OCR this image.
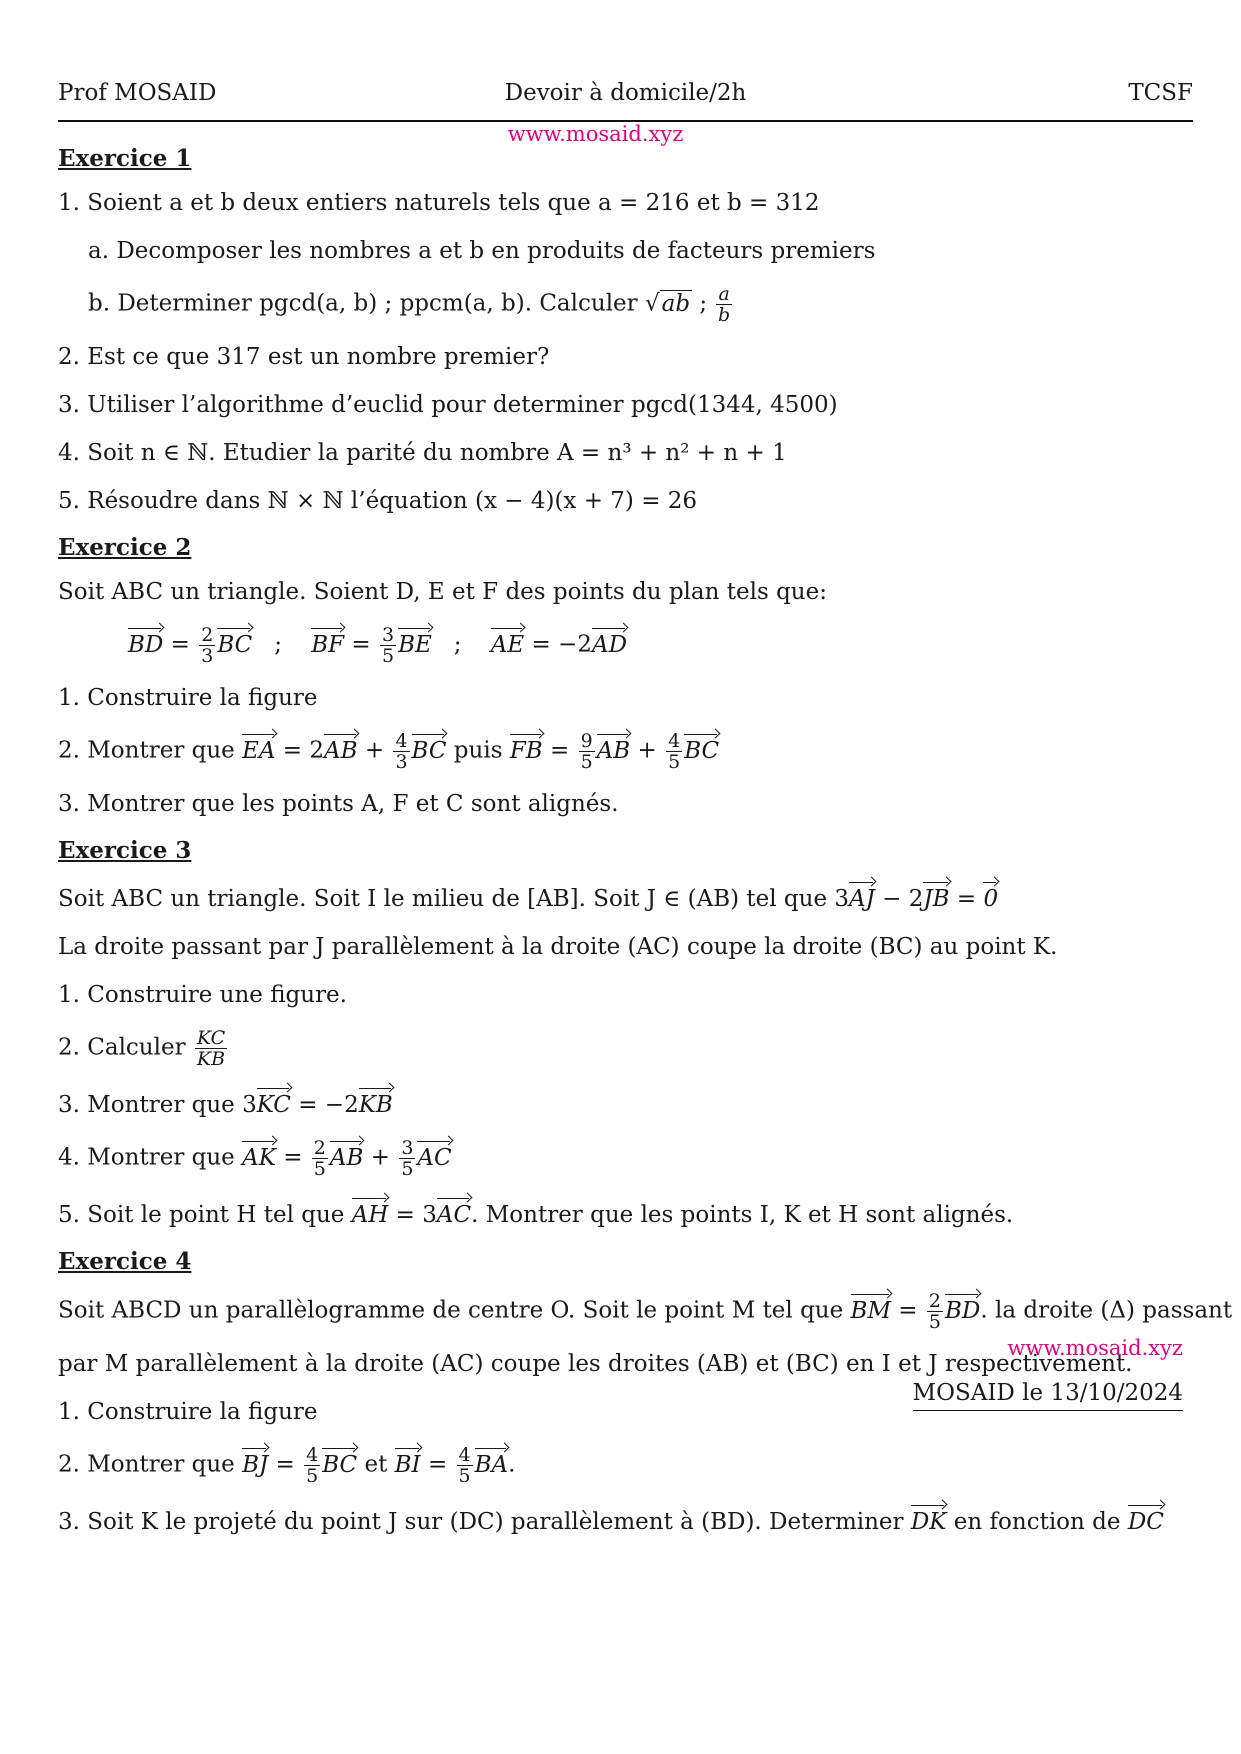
Prof MOSAID	Devoir à domicile/2h	TCSF
www.mosaid.xyz
Exercice 1
1. Soient a et b deux entiers naturels tels que a = 216 et b = 312
a. Decomposer les nombres a et b en produits de facteurs premiers
b. Determiner pgcd(a, b) ; ppcm(a, b). Calculer √ab ; $\frac{a}{b}$
2. Est ce que 317 est un nombre premier?
3. Utiliser l’algorithme d’euclid pour determiner pgcd(1344, 4500)
4. Soit n ∈ ℕ. Etudier la parité du nombre A = n³ + n² + n + 1
5. Résoudre dans ℕ × ℕ l’équation (x − 4)(x + 7) = 26
Exercice 2
Soit ABC un triangle. Soient D, E et F des points du plan tels que:
BD = $\frac{2}{3}$ BC   ;    BF = $\frac{3}{5}$ BE   ;    AE = −2AD
1. Construire la figure
2. Montrer que EA = $2AB + \frac{4}{3}$ BC puis FB = $\frac{9}{5}$ AB + $\frac{4}{5}$ BC
3. Montrer que les points A, F et C sont alignés.
Exercice 3
Soit ABC un triangle. Soit I le milieu de [AB]. Soit J ∈ (AB) tel que 3AJ − 2JB = 0
La droite passant par J parallèlement à la droite (AC) coupe la droite (BC) au point K.
1. Construire une figure.
2. Calculer $\frac{KC}{KB}$
3. Montrer que 3KC = −2KB
4. Montrer que AK = $\frac{2}{5}$ AB + $\frac{3}{5}$ AC
5. Soit le point H tel que AH = 3AC. Montrer que les points I, K et H sont alignés.
Exercice 4
Soit ABCD un parallèlogramme de centre O. Soit le point M tel que BM = $\frac{2}{5}$ BD. la droite (Δ) passant
par M parallèlement à la droite (AC) coupe les droites (AB) et (BC) en I et J respectivement.
1. Construire la figure
2. Montrer que BJ = $\frac{4}{5}$ BC et BI = $\frac{4}{5}$ BA.
3. Soit K le projeté du point J sur (DC) parallèlement à (BD). Determiner DK en fonction de DC
www.mosaid.xyz
MOSAID le 13/10/2024
